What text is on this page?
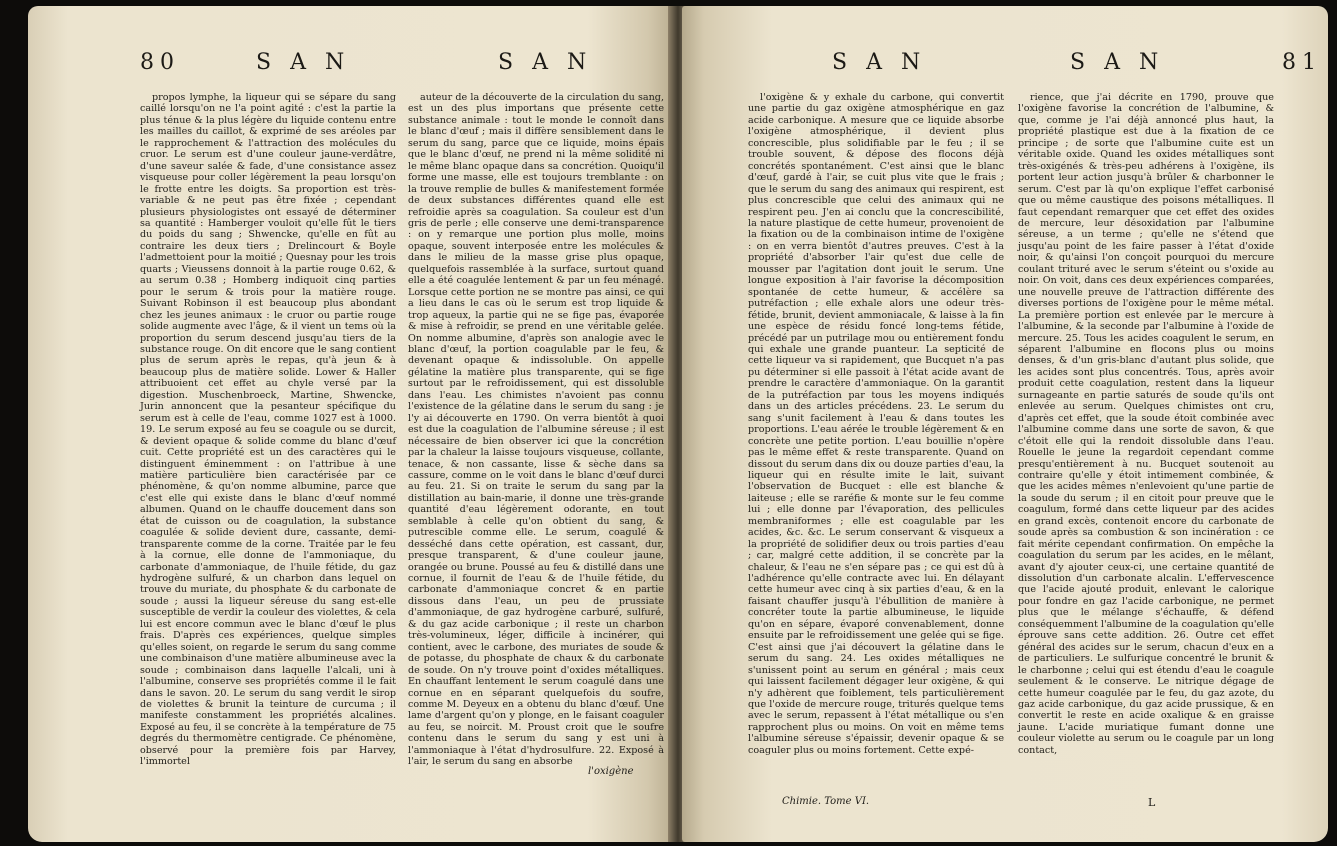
80	S A N	S A N

propos lymphe, la liqueur qui se sépare du sang caillé lorsqu'on ne l'a point agité : c'est la partie la plus ténue & la plus légère du liquide contenu entre les mailles du caillot, & exprimé de ses aréoles par le rapprochement & l'attraction des molécules du cruor. Le serum est d'une couleur jaune-verdâtre, d'une saveur salée & fade, d'une consistance assez visqueuse pour coller légèrement la peau lorsqu'on le frotte entre les doigts. Sa proportion est très-variable & ne peut pas être fixée ; cependant plusieurs physiologistes ont essayé de déterminer sa quantité : Hamberger vouloit qu'elle fût le tiers du poids du sang ; Shwencke, qu'elle en fût au contraire les deux tiers ; Drelincourt & Boyle l'admettoient pour la moitié ; Quesnay pour les trois quarts ; Vieussens donnoit à la partie rouge 0.62, & au serum 0.38 ; Homberg indiquoit cinq parties pour le serum & trois pour la matière rouge. Suivant Robinson il est beaucoup plus abondant chez les jeunes animaux : le cruor ou partie rouge solide augmente avec l'âge, & il vient un tems où la proportion du serum descend jusqu'au tiers de la substance rouge. On dit encore que le sang contient plus de serum après le repas, qu'à jeun & à beaucoup plus de matière solide. Lower & Haller attribuoient cet effet au chyle versé par la digestion. Muschenbroeck, Martine, Shwencke, Jurin annoncent que la pesanteur spécifique du serum est à celle de l'eau, comme 1027 est à 1000. 19. Le serum exposé au feu se coagule ou se durcit, & devient opaque & solide comme du blanc d'œuf cuit. Cette propriété est un des caractères qui le distinguent éminemment : on l'attribue à une matière particulière bien caractérisée par ce phénomène, & qu'on nomme albumine, parce que c'est elle qui existe dans le blanc d'œuf nommé albumen. Quand on le chauffe doucement dans son état de cuisson ou de coagulation, la substance coagulée & solide devient dure, cassante, demi-transparente comme de la corne. Traitée par le feu à la cornue, elle donne de l'ammoniaque, du carbonate d'ammoniaque, de l'huile fétide, du gaz hydrogène sulfuré, & un charbon dans lequel on trouve du muriate, du phosphate & du carbonate de soude ; aussi la liqueur séreuse du sang est-elle susceptible de verdir la couleur des violettes, & cela lui est encore commun avec le blanc d'œuf le plus frais. D'après ces expériences, quelque simples qu'elles soient, on regarde le serum du sang comme une combinaison d'une matière albumineuse avec la soude ; combinaison dans laquelle l'alcali, uni à l'albumine, conserve ses propriétés comme il le fait dans le savon. 20. Le serum du sang verdit le sirop de violettes & brunit la teinture de curcuma ; il manifeste constamment les propriétés alcalines. Exposé au feu, il se concrète à la température de 75 degrés du thermomètre centigrade. Ce phénomène, observé pour la première fois par Harvey, l'immortel

auteur de la découverte de la circulation du sang, est un des plus importans que présente cette substance animale : tout le monde le connoît dans le blanc d'œuf ; mais il diffère sensiblement dans le serum du sang, parce que ce liquide, moins épais que le blanc d'œuf, ne prend ni la même solidité ni le même blanc opaque dans sa concrétion. Quoiqu'il forme une masse, elle est toujours tremblante : on la trouve remplie de bulles & manifestement formée de deux substances différentes quand elle est refroidie après sa coagulation. Sa couleur est d'un gris de perle ; elle conserve une demi-transparence : on y remarque une portion plus molle, moins opaque, souvent interposée entre les molécules & dans le milieu de la masse grise plus opaque, quelquefois rassemblée à la surface, surtout quand elle a été coagulée lentement & par un feu ménagé. Lorsque cette portion ne se montre pas ainsi, ce qui a lieu dans le cas où le serum est trop liquide & trop aqueux, la partie qui ne se fige pas, évaporée & mise à refroidir, se prend en une véritable gelée. On nomme albumine, d'après son analogie avec le blanc d'œuf, la portion coagulable par le feu, & devenant opaque & indissoluble. On appelle gélatine la matière plus transparente, qui se fige surtout par le refroidissement, qui est dissoluble dans l'eau. Les chimistes n'avoient pas connu l'existence de la gélatine dans le serum du sang : je l'y ai découverte en 1790. On verra bientôt à quoi est due la coagulation de l'albumine séreuse ; il est nécessaire de bien observer ici que la concrétion par la chaleur la laisse toujours visqueuse, collante, tenace, & non cassante, lisse & sèche dans sa cassure, comme on le voit dans le blanc d'œuf durci au feu. 21. Si on traite le serum du sang par la distillation au bain-marie, il donne une très-grande quantité d'eau légèrement odorante, en tout semblable à celle qu'on obtient du sang, & putrescible comme elle. Le serum, coagulé & desséché dans cette opération, est cassant, dur, presque transparent, & d'une couleur jaune, orangée ou brune. Poussé au feu & distillé dans une cornue, il fournit de l'eau & de l'huile fétide, du carbonate d'ammoniaque concret & en partie dissous dans l'eau, un peu de prussiate d'ammoniaque, de gaz hydrogène carburé, sulfuré, & du gaz acide carbonique ; il reste un charbon très-volumineux, léger, difficile à incinérer, qui contient, avec le carbone, des muriates de soude & de potasse, du phosphate de chaux & du carbonate de soude. On n'y trouve point d'oxides métalliques. En chauffant lentement le serum coagulé dans une cornue en en séparant quelquefois du soufre, comme M. Deyeux en a obtenu du blanc d'œuf. Une lame d'argent qu'on y plonge, en le faisant coaguler au feu, se noircit. M. Proust croit que le soufre contenu dans le serum du sang y est uni à l'ammoniaque à l'état d'hydrosulfure. 22. Exposé à l'air, le serum du sang en absorbe

l'oxigène
S A N	S A N	81

l'oxigène & y exhale du carbone, qui convertit une partie du gaz oxigène atmosphérique en gaz acide carbonique. A mesure que ce liquide absorbe l'oxigène atmosphérique, il devient plus concrescible, plus solidifiable par le feu ; il se trouble souvent, & dépose des flocons déjà concrétés spontanément. C'est ainsi que le blanc d'œuf, gardé à l'air, se cuit plus vite que le frais ; que le serum du sang des animaux qui respirent, est plus concrescible que celui des animaux qui ne respirent peu. J'en ai conclu que la concrescibilité, la nature plastique de cette humeur, provenoient de la fixation ou de la combinaison intime de l'oxigène : on en verra bientôt d'autres preuves. C'est à la propriété d'absorber l'air qu'est due celle de mousser par l'agitation dont jouit le serum. Une longue exposition à l'air favorise la décomposition spontanée de cette humeur, & accélère sa putréfaction ; elle exhale alors une odeur très-fétide, brunit, devient ammoniacale, & laisse à la fin une espèce de résidu foncé long-tems fétide, précédé par un putrilage mou ou entièrement fondu qui exhale une grande puanteur. La septicité de cette liqueur va si rapidement, que Bucquet n'a pas pu déterminer si elle passoit à l'état acide avant de prendre le caractère d'ammoniaque. On la garantit de la putréfaction par tous les moyens indiqués dans un des articles précédens. 23. Le serum du sang s'unit facilement à l'eau & dans toutes les proportions. L'eau aérée le trouble légèrement & en concrète une petite portion. L'eau bouillie n'opère pas le même effet & reste transparente. Quand on dissout du serum dans dix ou douze parties d'eau, la liqueur qui en résulte imite le lait, suivant l'observation de Bucquet : elle est blanche & laiteuse ; elle se raréfie & monte sur le feu comme lui ; elle donne par l'évaporation, des pellicules membraniformes ; elle est coagulable par les acides, &c. &c. Le serum conservant & visqueux a la propriété de solidifier deux ou trois parties d'eau ; car, malgré cette addition, il se concrète par la chaleur, & l'eau ne s'en sépare pas ; ce qui est dû à l'adhérence qu'elle contracte avec lui. En délayant cette humeur avec cinq à six parties d'eau, & en la faisant chauffer jusqu'à l'ébullition de manière à concréter toute la partie albumineuse, le liquide qu'on en sépare, évaporé convenablement, donne ensuite par le refroidissement une gelée qui se fige. C'est ainsi que j'ai découvert la gélatine dans le serum du sang. 24. Les oxides métalliques ne s'unissent point au serum en général ; mais ceux qui laissent facilement dégager leur oxigène, & qui n'y adhèrent que foiblement, tels particulièrement que l'oxide de mercure rouge, triturés quelque tems avec le serum, repassent à l'état métallique ou s'en rapprochent plus ou moins. On voit en même tems l'albumine séreuse s'épaissir, devenir opaque & se coaguler plus ou moins fortement. Cette expé-

rience, que j'ai décrite en 1790, prouve que l'oxigène favorise la concrétion de l'albumine, & que, comme je l'ai déjà annoncé plus haut, la propriété plastique est due à la fixation de ce principe ; de sorte que l'albumine cuite est un véritable oxide. Quand les oxides métalliques sont très-oxigénés & très-peu adhérens à l'oxigène, ils portent leur action jusqu'à brûler & charbonner le serum. C'est par là qu'on explique l'effet carbonisé que ou même caustique des poisons métalliques. Il faut cependant remarquer que cet effet des oxides de mercure, leur désoxidation par l'albumine séreuse, a un terme ; qu'elle ne s'étend que jusqu'au point de les faire passer à l'état d'oxide noir, & qu'ainsi l'on conçoit pourquoi du mercure coulant trituré avec le serum s'éteint ou s'oxide au noir. On voit, dans ces deux expériences comparées, une nouvelle preuve de l'attraction différente des diverses portions de l'oxigène pour le même métal. La première portion est enlevée par le mercure à l'albumine, & la seconde par l'albumine à l'oxide de mercure. 25. Tous les acides coagulent le serum, en séparent l'albumine en flocons plus ou moins denses, & d'un gris-blanc d'autant plus solide, que les acides sont plus concentrés. Tous, après avoir produit cette coagulation, restent dans la liqueur surnageante en partie saturés de soude qu'ils ont enlevée au serum. Quelques chimistes ont cru, d'après cet effet, que la soude étoit combinée avec l'albumine comme dans une sorte de savon, & que c'étoit elle qui la rendoit dissoluble dans l'eau. Rouelle le jeune la regardoit cependant comme presqu'entièrement à nu. Bucquet soutenoit au contraire qu'elle y étoit intimement combinée, & que les acides mêmes n'enlevoient qu'une partie de la soude du serum ; il en citoit pour preuve que le coagulum, formé dans cette liqueur par des acides en grand excès, contenoit encore du carbonate de soude après sa combustion & son incinération : ce fait mérite cependant confirmation. On empêche la coagulation du serum par les acides, en le mêlant, avant d'y ajouter ceux-ci, une certaine quantité de dissolution d'un carbonate alcalin. L'effervescence que l'acide ajouté produit, enlevant le calorique pour fondre en gaz l'acide carbonique, ne permet plus que le mélange s'échauffe, & défend conséquemment l'albumine de la coagulation qu'elle éprouve sans cette addition. 26. Outre cet effet général des acides sur le serum, chacun d'eux en a de particuliers. Le sulfurique concentré le brunit & le charbonne ; celui qui est étendu d'eau le coagule seulement & le conserve. Le nitrique dégage de cette humeur coagulée par le feu, du gaz azote, du gaz acide carbonique, du gaz acide prussique, & en convertit le reste en acide oxalique & en graisse jaune. L'acide muriatique fumant donne une couleur violette au serum ou le coagule par un long contact,

Chimie. Tome VI.	L
